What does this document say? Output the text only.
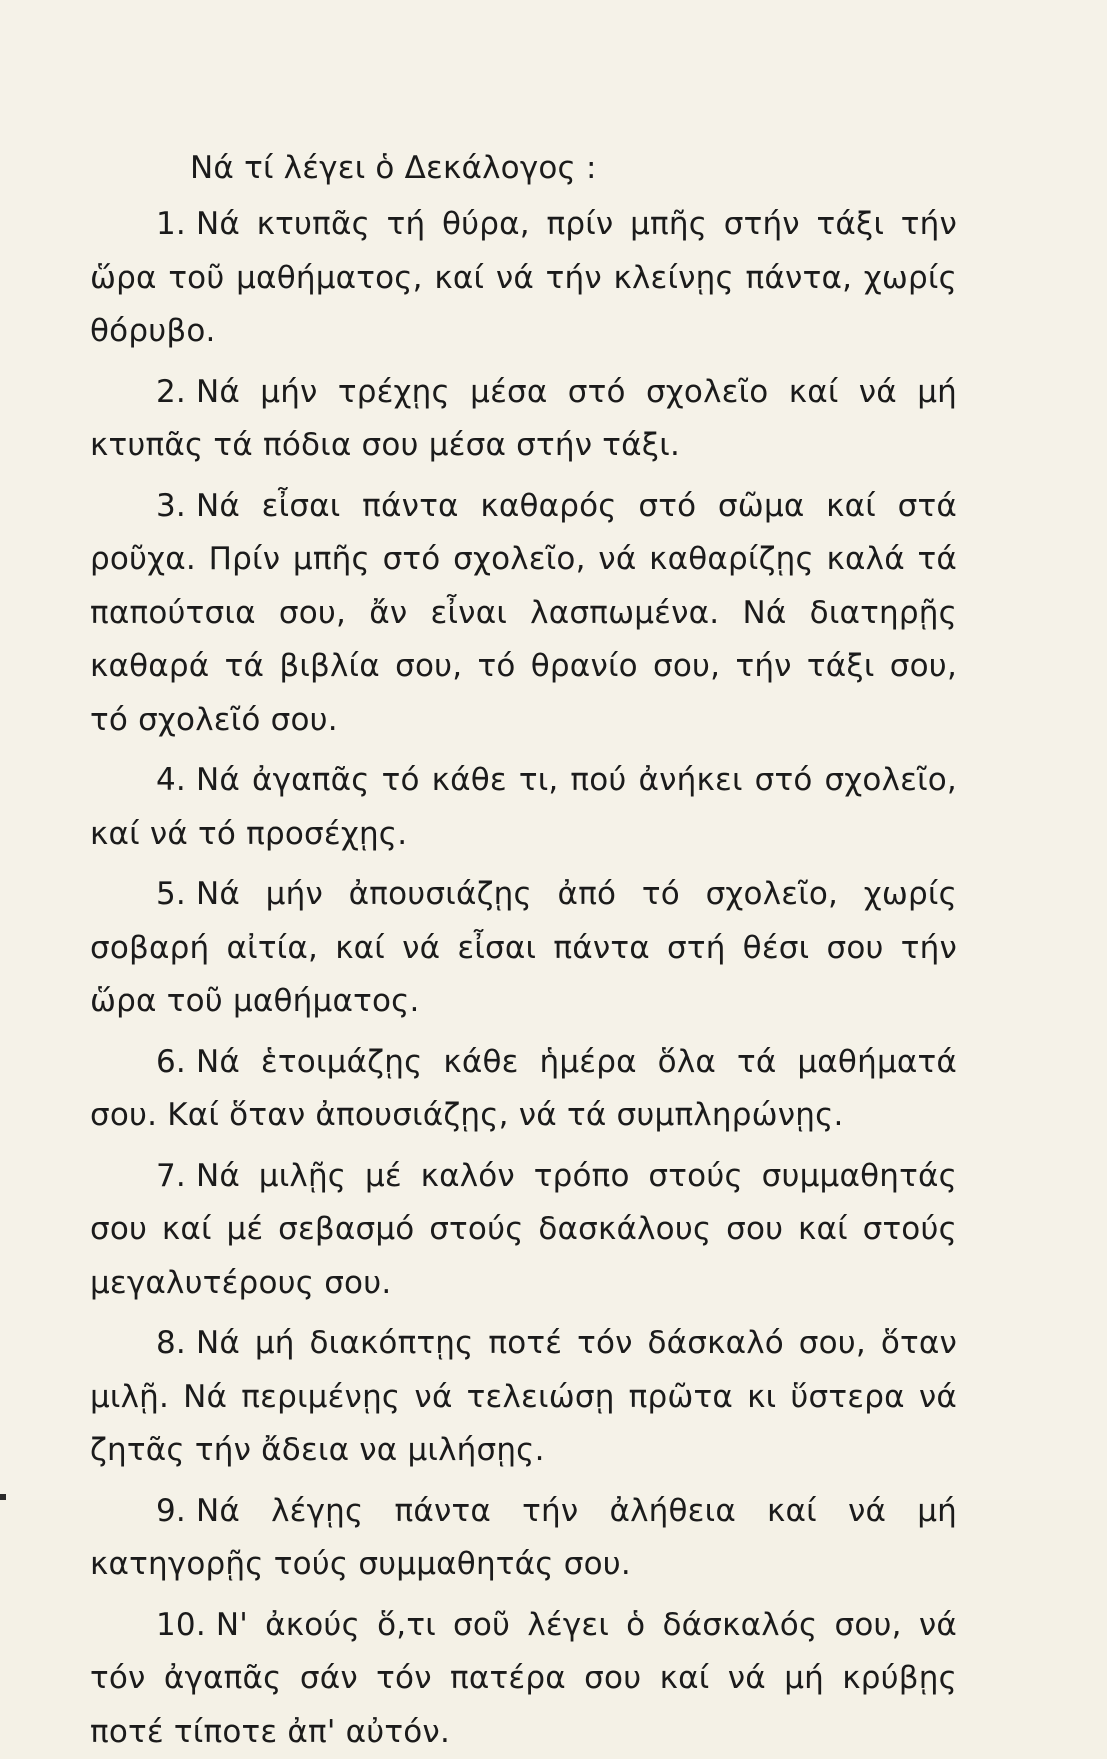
Νά τί λέγει ὁ Δεκάλογος :

1. Νά κτυπᾶς τή θύρα, πρίν μπῆς στήν τάξι τήν ὥρα τοῦ μαθήματος, καί νά τήν κλείνῃς πάντα, χωρίς θόρυβο.

2. Νά μήν τρέχῃς μέσα στό σχολεῖο καί νά μή κτυπᾶς τά πόδια σου μέσα στήν τάξι.

3. Νά εἶσαι πάντα καθαρός στό σῶμα καί στά ροῦχα. Πρίν μπῆς στό σχολεῖο, νά καθαρίζῃς καλά τά παπούτσια σου, ἄν εἶναι λασπωμένα. Νά διατηρῇς καθαρά τά βιβλία σου, τό θρανίο σου, τήν τάξι σου, τό σχολεῖό σου.

4. Νά ἀγαπᾶς τό κάθε τι, πού ἀνήκει στό σχολεῖο, καί νά τό προσέχῃς.

5. Νά μήν ἀπουσιάζῃς ἀπό τό σχολεῖο, χωρίς σοβαρή αἰτία, καί νά εἶσαι πάντα στή θέσι σου τήν ὥρα τοῦ μαθήματος.

6. Νά ἑτοιμάζῃς κάθε ἡμέρα ὅλα τά μαθήματά σου. Καί ὅταν ἀπουσιάζῃς, νά τά συμπληρώνῃς.

7. Νά μιλῇς μέ καλόν τρόπο στούς συμμαθητάς σου καί μέ σεβασμό στούς δασκάλους σου καί στούς μεγαλυτέρους σου.

8. Νά μή διακόπτῃς ποτέ τόν δάσκαλό σου, ὅταν μιλῇ. Νά περιμένῃς νά τελειώσῃ πρῶτα κι ὕστερα νά ζητᾶς τήν ἄδεια να μιλήσῃς.

9. Νά λέγῃς πάντα τήν ἀλήθεια καί νά μή κατηγορῇς τούς συμμαθητάς σου.

10. Ν' ἀκούς ὅ,τι σοῦ λέγει ὁ δάσκαλός σου, νά τόν ἀγαπᾶς σάν τόν πατέρα σου καί νά μή κρύβῃς ποτέ τίποτε ἀπ' αὐτόν.
